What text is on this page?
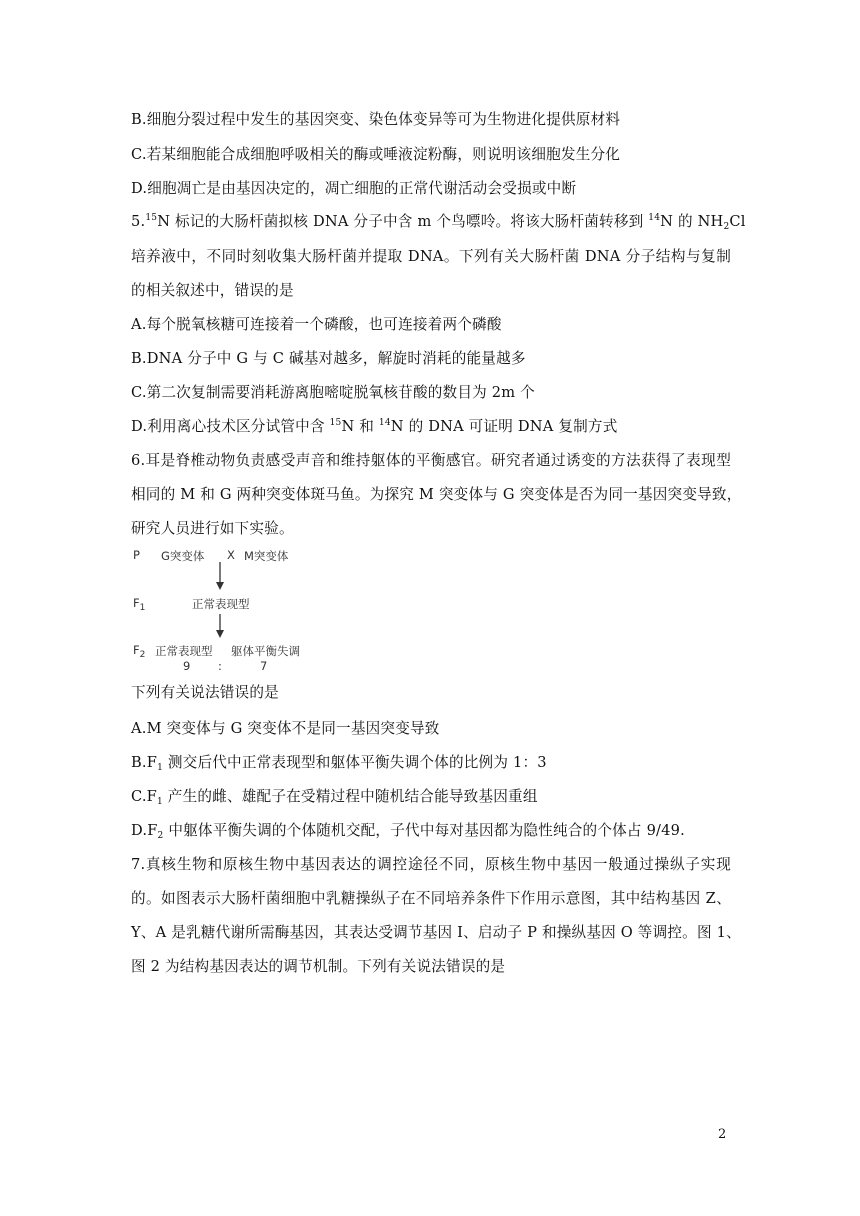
B.细胞分裂过程中发生的基因突变、染色体变异等可为生物进化提供原材料
C.若某细胞能合成细胞呼吸相关的酶或唾液淀粉酶，则说明该细胞发生分化
D.细胞凋亡是由基因决定的，凋亡细胞的正常代谢活动会受损或中断
5.15N 标记的大肠杆菌拟核 DNA 分子中含 m 个鸟嘌呤。将该大肠杆菌转移到 $^{14}$N 的 $NH_2Cl$
培养液中，不同时刻收集大肠杆菌并提取 DNA。下列有关大肠杆菌 DNA 分子结构与复制
的相关叙述中，错误的是
A.每个脱氧核糖可连接着一个磷酸，也可连接着两个磷酸
B.DNA 分子中 G 与 C 碱基对越多，解旋时消耗的能量越多
C.第二次复制需要消耗游离胞嘧啶脱氧核苷酸的数目为 2m 个
D.利用离心技术区分试管中含 $^{15}$N 和 $^{14}$N 的 DNA 可证明 DNA 复制方式
6.耳是脊椎动物负责感受声音和维持躯体的平衡感官。研究者通过诱变的方法获得了表现型
相同的 M 和 G 两种突变体斑马鱼。为探究 M 突变体与 G 突变体是否为同一基因突变导致，
研究人员进行如下实验。
P G突变体 X M突变体
$F_1$	正常表现型
$F_2$ 正常表现型 躯体平衡失调
9 :	7
下列有关说法错误的是
A.M 突变体与 G 突变体不是同一基因突变导致
$B.F_1$ 测交后代中正常表现型和躯体平衡失调个体的比例为 1：3
$C.F_1$ 产生的雌、雄配子在受精过程中随机结合能导致基因重组
$D.F_2$ 中躯体平衡失调的个体随机交配，子代中每对基因都为隐性纯合的个体占 9/49.
7.真核生物和原核生物中基因表达的调控途径不同，原核生物中基因一般通过操纵子实现
的。如图表示大肠杆菌细胞中乳糖操纵子在不同培养条件下作用示意图，其中结构基因 Z、
Y、A 是乳糖代谢所需酶基因，其表达受调节基因 I、启动子 P 和操纵基因 O 等调控。图 1、
图 2 为结构基因表达的调节机制。下列有关说法错误的是
2
